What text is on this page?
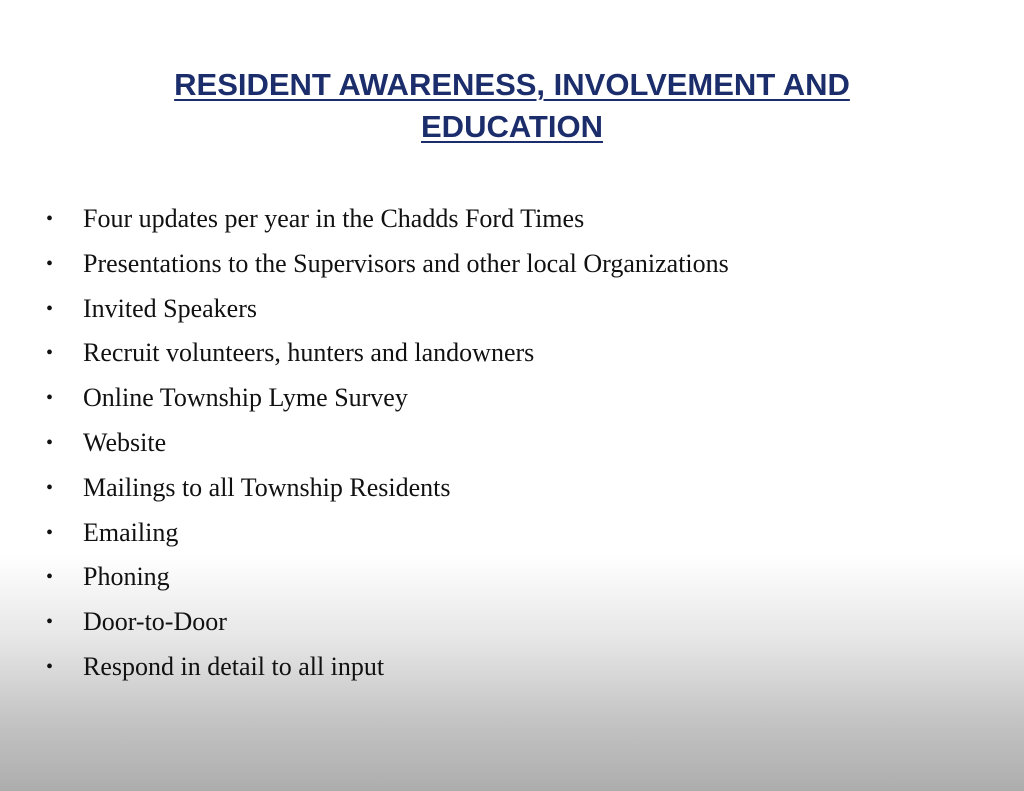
RESIDENT AWARENESS, INVOLVEMENT AND
EDUCATION
• Four updates per year in the Chadds Ford Times
• Presentations to the Supervisors and other local Organizations
• Invited Speakers
• Recruit volunteers, hunters and landowners
• Online Township Lyme Survey
• Website
• Mailings to all Township Residents
• Emailing
• Phoning
• Door-to-Door
• Respond in detail to all input
